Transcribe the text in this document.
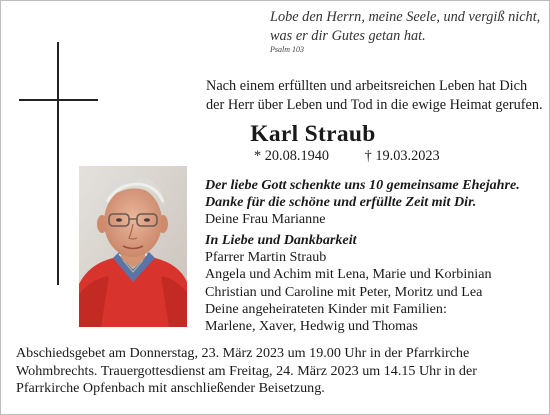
Lobe den Herrn, meine Seele, und vergiß nicht,
was er dir Gutes getan hat.
Psalm 103
Nach einem erfüllten und arbeitsreichen Leben hat Dich
der Herr über Leben und Tod in die ewige Heimat gerufen.
Karl Straub
* 20.08.1940 † 19.03.2023
Der liebe Gott schenkte uns 10 gemeinsame Ehejahre.
Danke für die schöne und erfüllte Zeit mit Dir.
Deine Frau Marianne
In Liebe und Dankbarkeit
Pfarrer Martin Straub
Angela und Achim mit Lena, Marie und Korbinian
Christian und Caroline mit Peter, Moritz und Lea
Deine angeheirateten Kinder mit Familien:
Marlene, Xaver, Hedwig und Thomas
Abschiedsgebet am Donnerstag, 23. März 2023 um 19.00 Uhr in der Pfarrkirche
Wohmbrechts. Trauergottesdienst am Freitag, 24. März 2023 um 14.15 Uhr in der
Pfarrkirche Opfenbach mit anschließender Beisetzung.
